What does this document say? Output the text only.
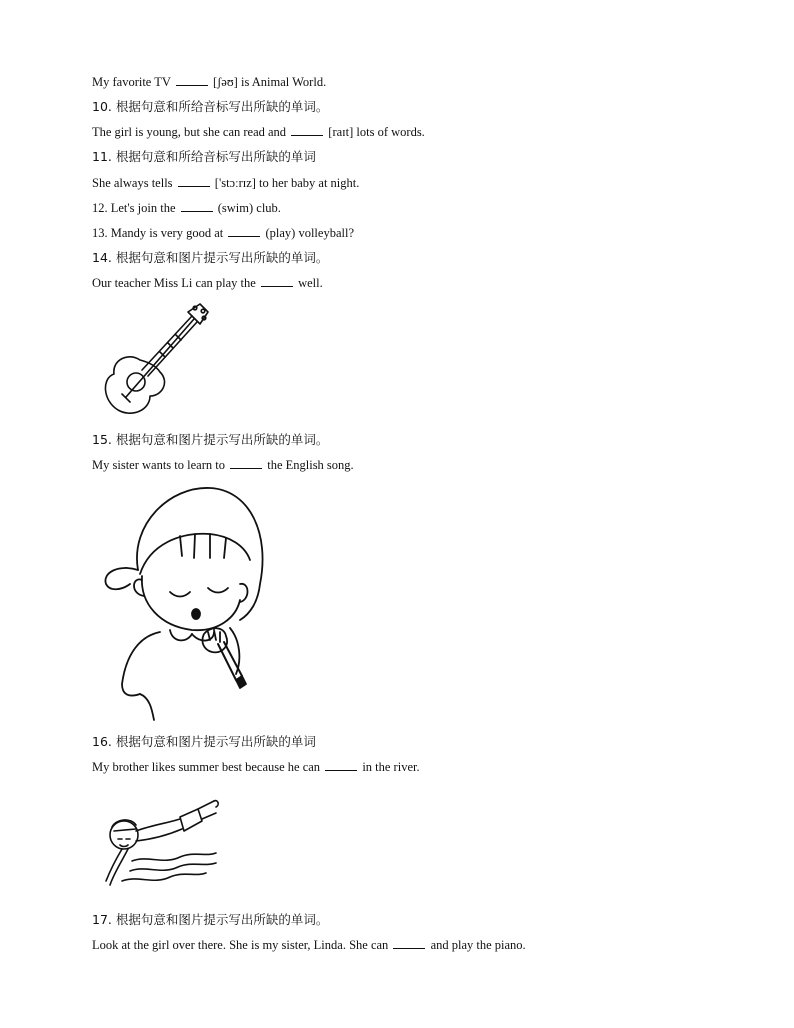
My favorite TV	[ʃəʊ] is Animal World.
10. 根据句意和所给音标写出所缺的单词。
The girl is young, but she can read and	[raɪt] lots of words.
11. 根据句意和所给音标写出所缺的单词
She always tells	['stɔːrɪz] to her baby at night.
12. Let's join the	(swim) club.
13. Mandy is very good at	(play) volleyball?
14. 根据句意和图片提示写出所缺的单词。
Our teacher Miss Li can play the	well.
15. 根据句意和图片提示写出所缺的单词。
My sister wants to learn to	the English song.
16. 根据句意和图片提示写出所缺的单词
My brother likes summer best because he can	in the river.
17. 根据句意和图片提示写出所缺的单词。
Look at the girl over there. She is my sister, Linda. She can	and play the piano.
